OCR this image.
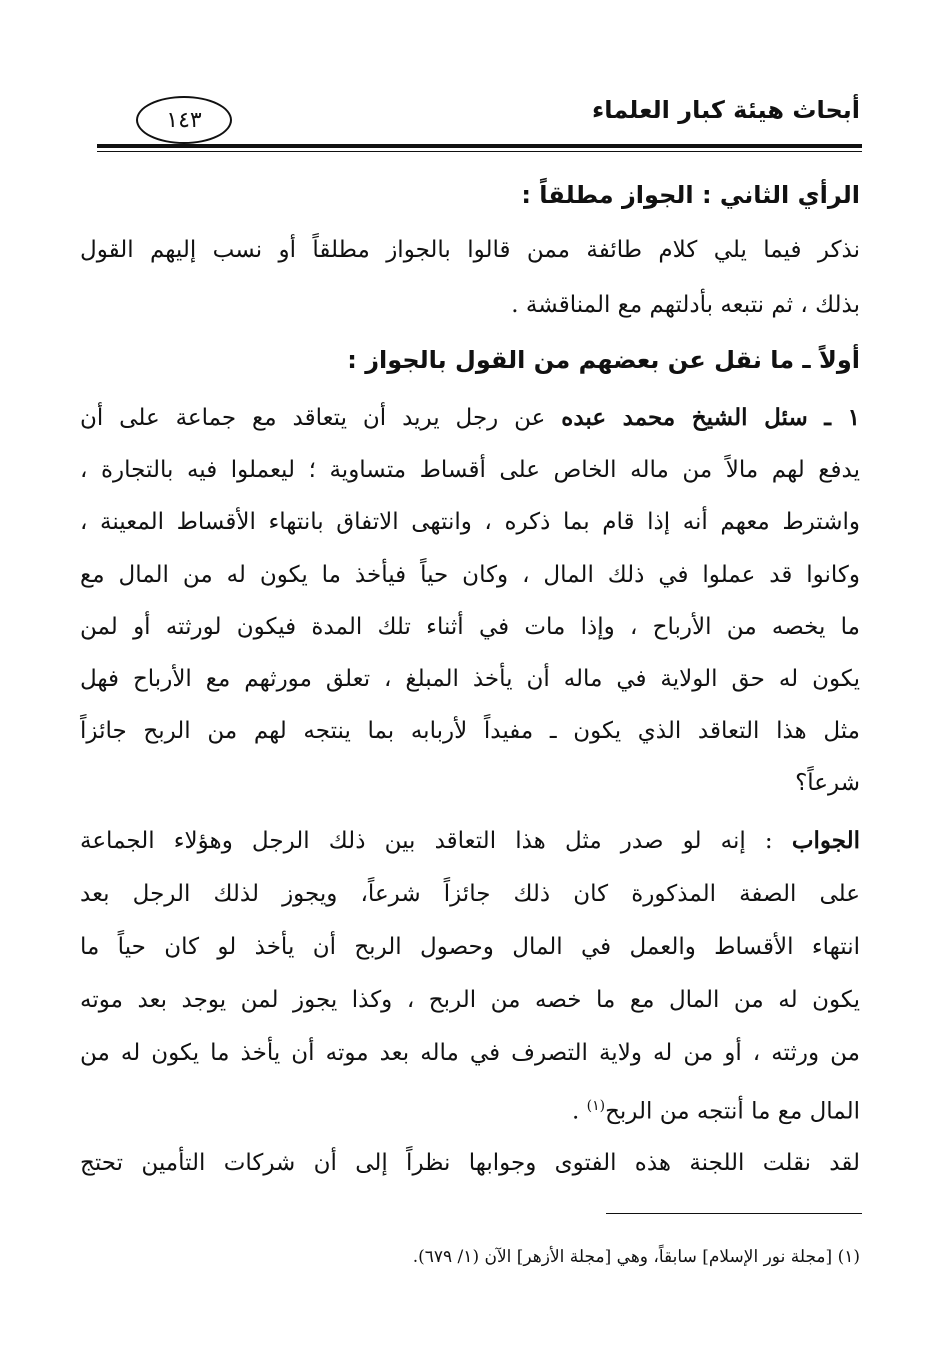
أبحاث هيئة كبار العلماء
١٤٣
الرأي الثاني : الجواز مطلقاً :
نذكر فيما يلي كلام طائفة ممن قالوا بالجواز مطلقاً أو نسب إليهم القول
بذلك ، ثم نتبعه بأدلتهم مع المناقشة .
أولاً ـ ما نقل عن بعضهم من القول بالجواز :
١ ـ سئل الشيخ محمد عبده عن رجل يريد أن يتعاقد مع جماعة على أن
يدفع لهم مالاً من ماله الخاص على أقساط متساوية ؛ ليعملوا فيه بالتجارة ،
واشترط معهم أنه إذا قام بما ذكره ، وانتهى الاتفاق بانتهاء الأقساط المعينة ،
وكانوا قد عملوا في ذلك المال ، وكان حياً فيأخذ ما يكون له من المال مع
ما يخصه من الأرباح ، وإذا مات في أثناء تلك المدة فيكون لورثته أو لمن
يكون له حق الولاية في ماله أن يأخذ المبلغ ، تعلق مورثهم مع الأرباح فهل
مثل هذا التعاقد الذي يكون ـ مفيداً لأربابه بما ينتجه لهم من الربح جائزاً
شرعاً؟
الجواب : إنه لو صدر مثل هذا التعاقد بين ذلك الرجل وهؤلاء الجماعة
على الصفة المذكورة كان ذلك جائزاً شرعاً، ويجوز لذلك الرجل بعد
انتهاء الأقساط والعمل في المال وحصول الربح أن يأخذ لو كان حياً ما
يكون له من المال مع ما خصه من الربح ، وكذا يجوز لمن يوجد بعد موته
من ورثته ، أو من له ولاية التصرف في ماله بعد موته أن يأخذ ما يكون له من
المال مع ما أنتجه من الربح$^{(١)}$ .
لقد نقلت اللجنة هذه الفتوى وجوابها نظراً إلى أن شركات التأمين تحتج
(١) [مجلة نور الإسلام] سابقاً، وهي [مجلة الأزهر] الآن (١/ ٦٧٩).
